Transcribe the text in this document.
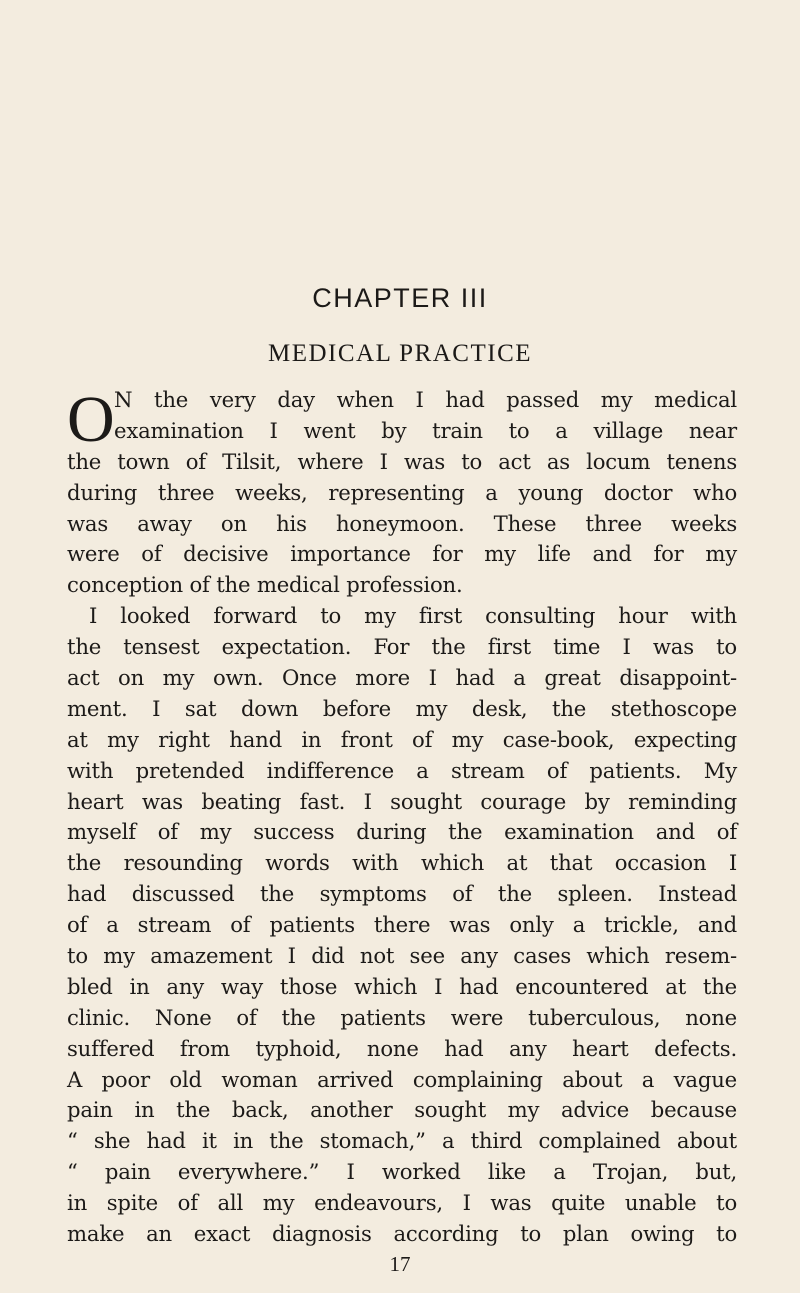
CHAPTER III
MEDICAL PRACTICE
O N the very day when I had passed my medical
examination I went by train to a village near
the town of Tilsit, where I was to act as locum tenens
during three weeks, representing a young doctor who
was away on his honeymoon. These three weeks
were of decisive importance for my life and for my
conception of the medical profession.
I looked forward to my first consulting hour with
the tensest expectation. For the first time I was to
act on my own. Once more I had a great disappoint-
ment. I sat down before my desk, the stethoscope
at my right hand in front of my case-book, expecting
with pretended indifference a stream of patients. My
heart was beating fast. I sought courage by reminding
myself of my success during the examination and of
the resounding words with which at that occasion I
had discussed the symptoms of the spleen. Instead
of a stream of patients there was only a trickle, and
to my amazement I did not see any cases which resem-
bled in any way those which I had encountered at the
clinic. None of the patients were tuberculous, none
suffered from typhoid, none had any heart defects.
A poor old woman arrived complaining about a vague
pain in the back, another sought my advice because
“ she had it in the stomach,” a third complained about
“ pain everywhere.” I worked like a Trojan, but,
in spite of all my endeavours, I was quite unable to
make an exact diagnosis according to plan owing to
17
